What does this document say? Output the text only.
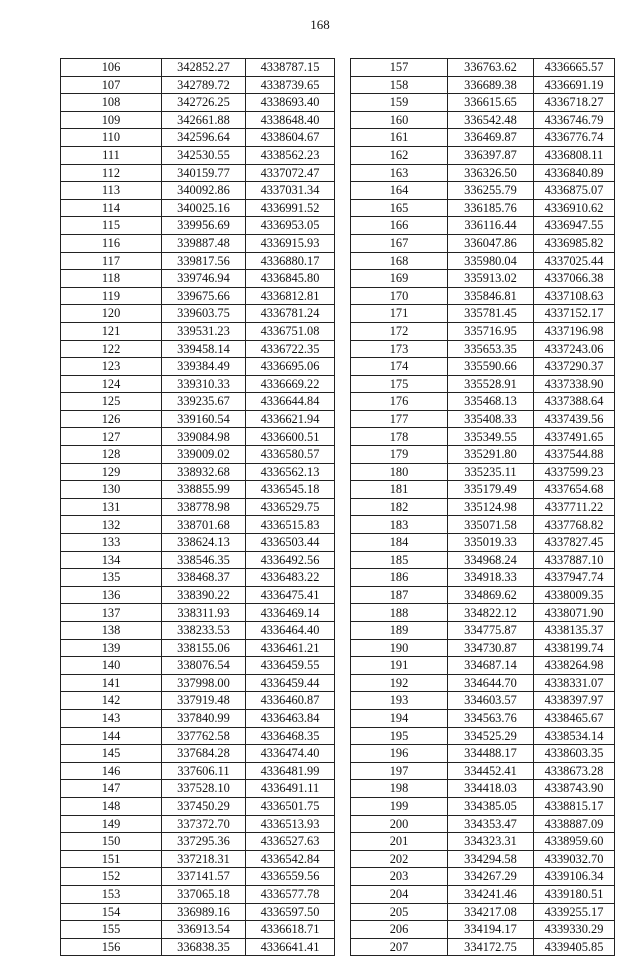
168
106	342852.27	4338787.15
107	342789.72	4338739.65
108	342726.25	4338693.40
109	342661.88	4338648.40
110	342596.64	4338604.67
111	342530.55	4338562.23
112	340159.77	4337072.47
113	340092.86	4337031.34
114	340025.16	4336991.52
115	339956.69	4336953.05
116	339887.48	4336915.93
117	339817.56	4336880.17
118	339746.94	4336845.80
119	339675.66	4336812.81
120	339603.75	4336781.24
121	339531.23	4336751.08
122	339458.14	4336722.35
123	339384.49	4336695.06
124	339310.33	4336669.22
125	339235.67	4336644.84
126	339160.54	4336621.94
127	339084.98	4336600.51
128	339009.02	4336580.57
129	338932.68	4336562.13
130	338855.99	4336545.18
131	338778.98	4336529.75
132	338701.68	4336515.83
133	338624.13	4336503.44
134	338546.35	4336492.56
135	338468.37	4336483.22
136	338390.22	4336475.41
137	338311.93	4336469.14
138	338233.53	4336464.40
139	338155.06	4336461.21
140	338076.54	4336459.55
141	337998.00	4336459.44
142	337919.48	4336460.87
143	337840.99	4336463.84
144	337762.58	4336468.35
145	337684.28	4336474.40
146	337606.11	4336481.99
147	337528.10	4336491.11
148	337450.29	4336501.75
149	337372.70	4336513.93
150	337295.36	4336527.63
151	337218.31	4336542.84
152	337141.57	4336559.56
153	337065.18	4336577.78
154	336989.16	4336597.50
155	336913.54	4336618.71
156	336838.35	4336641.41
157	336763.62	4336665.57
158	336689.38	4336691.19
159	336615.65	4336718.27
160	336542.48	4336746.79
161	336469.87	4336776.74
162	336397.87	4336808.11
163	336326.50	4336840.89
164	336255.79	4336875.07
165	336185.76	4336910.62
166	336116.44	4336947.55
167	336047.86	4336985.82
168	335980.04	4337025.44
169	335913.02	4337066.38
170	335846.81	4337108.63
171	335781.45	4337152.17
172	335716.95	4337196.98
173	335653.35	4337243.06
174	335590.66	4337290.37
175	335528.91	4337338.90
176	335468.13	4337388.64
177	335408.33	4337439.56
178	335349.55	4337491.65
179	335291.80	4337544.88
180	335235.11	4337599.23
181	335179.49	4337654.68
182	335124.98	4337711.22
183	335071.58	4337768.82
184	335019.33	4337827.45
185	334968.24	4337887.10
186	334918.33	4337947.74
187	334869.62	4338009.35
188	334822.12	4338071.90
189	334775.87	4338135.37
190	334730.87	4338199.74
191	334687.14	4338264.98
192	334644.70	4338331.07
193	334603.57	4338397.97
194	334563.76	4338465.67
195	334525.29	4338534.14
196	334488.17	4338603.35
197	334452.41	4338673.28
198	334418.03	4338743.90
199	334385.05	4338815.17
200	334353.47	4338887.09
201	334323.31	4338959.60
202	334294.58	4339032.70
203	334267.29	4339106.34
204	334241.46	4339180.51
205	334217.08	4339255.17
206	334194.17	4339330.29
207	334172.75	4339405.85
